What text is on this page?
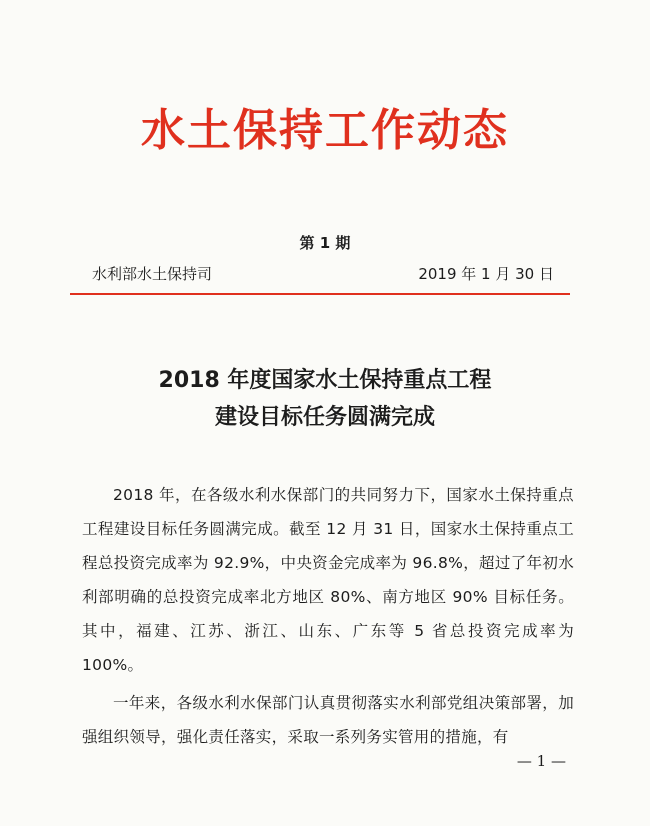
水土保持工作动态
第 1 期
水利部水土保持司	2019 年 1 月 30 日
2018 年度国家水土保持重点工程
建设目标任务圆满完成

2018 年，在各级水利水保部门的共同努力下，国家水土保持重点工程建设目标任务圆满完成。截至 12 月 31 日，国家水土保持重点工程总投资完成率为 92.9%，中央资金完成率为 96.8%，超过了年初水利部明确的总投资完成率北方地区 80%、南方地区 90% 目标任务。其中，福建、江苏、浙江、山东、广东等 5 省总投资完成率为 100%。

一年来，各级水利水保部门认真贯彻落实水利部党组决策部署，加强组织领导，强化责任落实，采取一系列务实管用的措施，有

— 1 —
